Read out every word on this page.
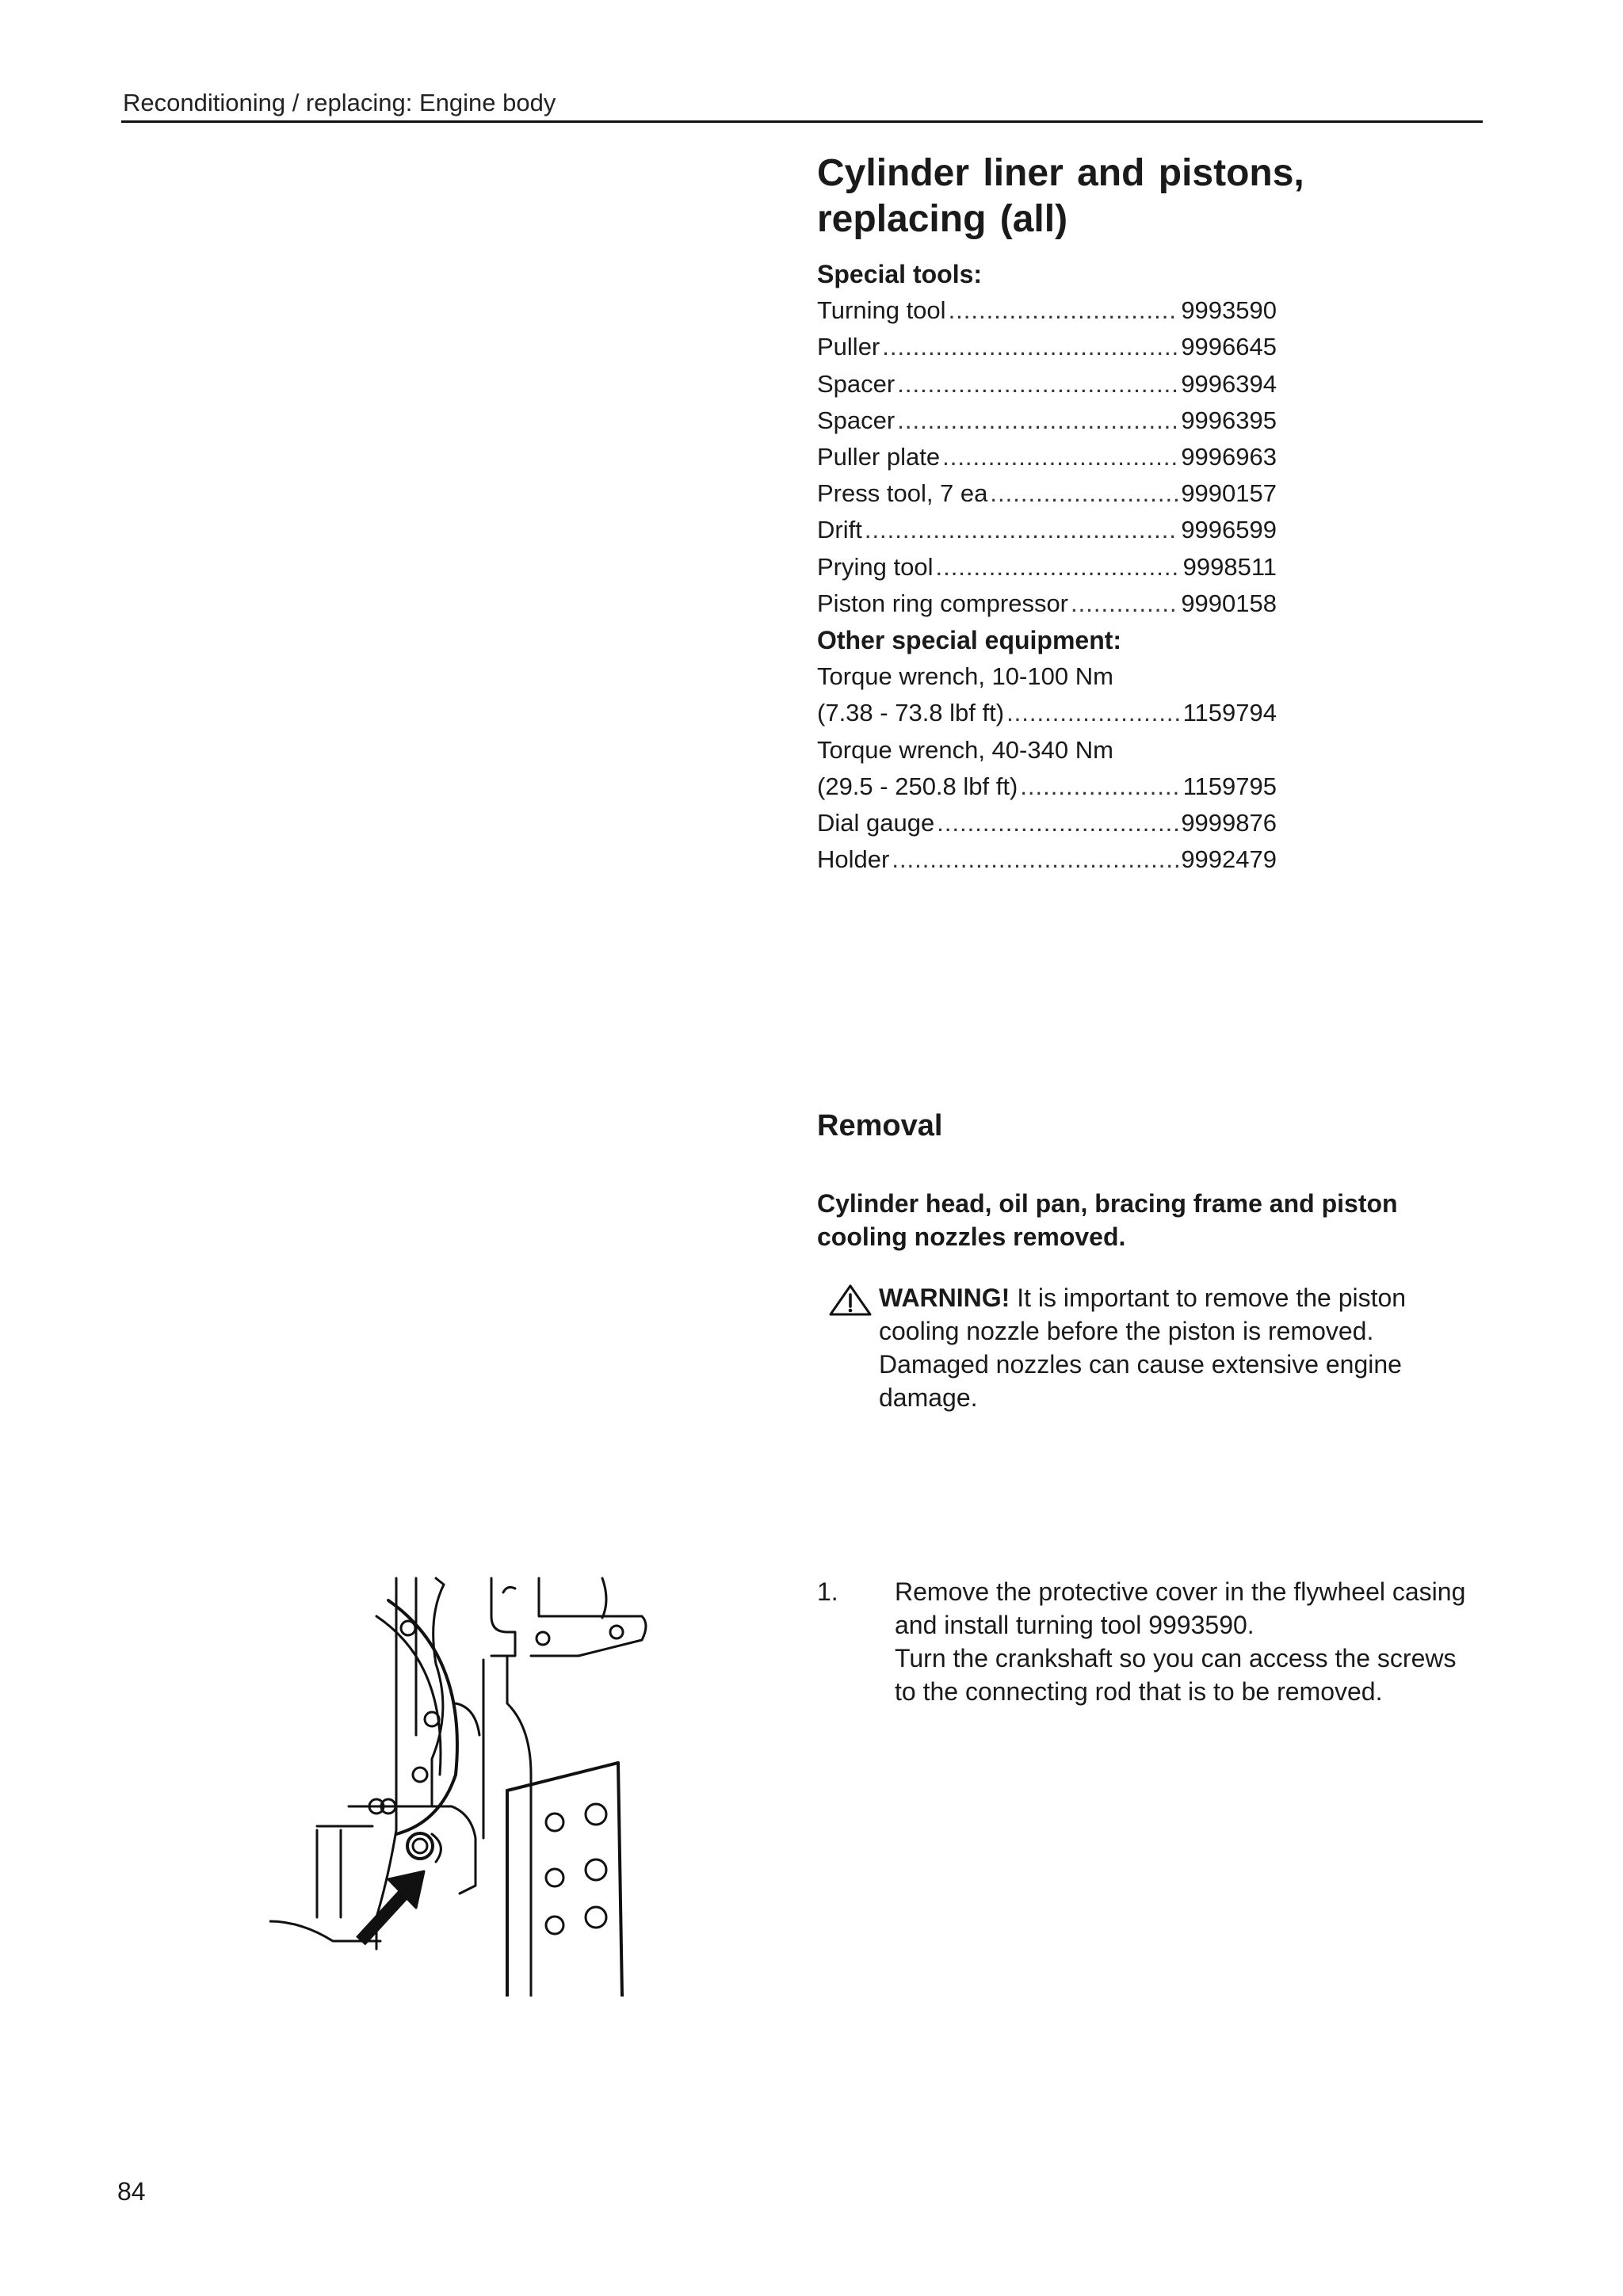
Reconditioning / replacing: Engine body
Cylinder liner and pistons,
replacing (all)
Special tools:
Turning tool .....	9993590
Puller .....	9996645
Spacer .....	9996394
Spacer .....	9996395
Puller plate .....	9996963
Press tool, 7 ea .....	9990157
Drift .....	9996599
Prying tool .....	9998511
Piston ring compressor .....	9990158
Other special equipment:
Torque wrench, 10-100 Nm
(7.38 - 73.8 lbf ft) .....	1159794
Torque wrench, 40-340 Nm
(29.5 - 250.8 lbf ft) .....	1159795
Dial gauge .....	9999876
Holder .....	9992479
Removal
Cylinder head, oil pan, bracing frame and piston cooling nozzles removed.
WARNING! It is important to remove the piston cooling nozzle before the piston is removed. Damaged nozzles can cause extensive engine damage.
1. Remove the protective cover in the flywheel casing and install turning tool 9993590.
Turn the crankshaft so you can access the screws to the connecting rod that is to be removed.
84
